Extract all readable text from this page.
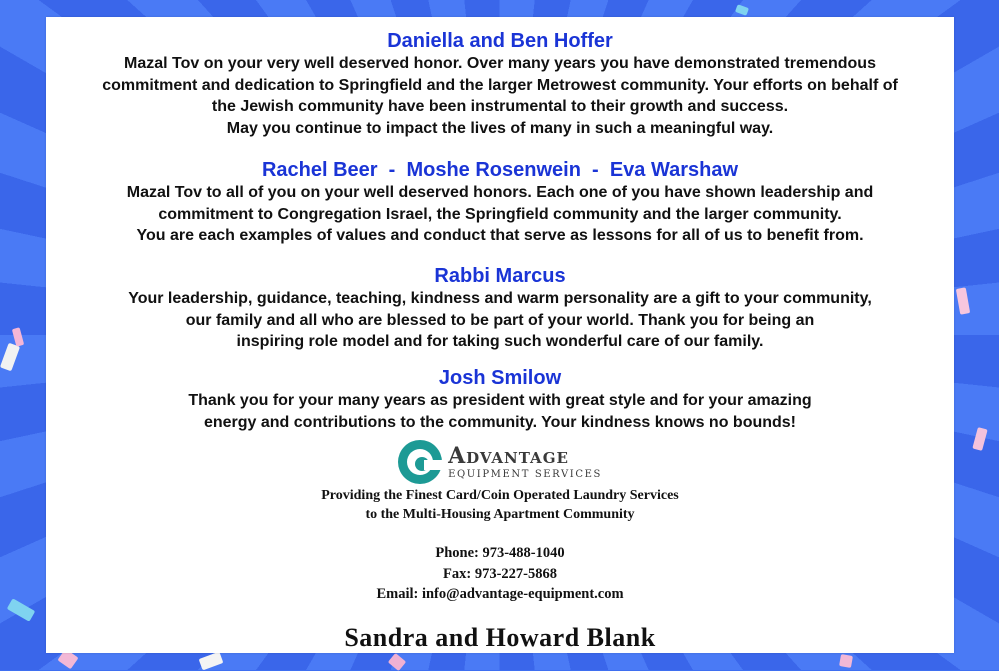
Daniella and Ben Hoffer

Mazal Tov on your very well deserved honor. Over many years you have demonstrated tremendous
commitment and dedication to Springfield and the larger Metrowest community. Your efforts on behalf of
the Jewish community have been instrumental to their growth and success.
May you continue to impact the lives of many in such a meaningful way.

Rachel Beer  -  Moshe Rosenwein  -  Eva Warshaw

Mazal Tov to all of you on your well deserved honors. Each one of you have shown leadership and
commitment to Congregation Israel, the Springfield community and the larger community.
You are each examples of values and conduct that serve as lessons for all of us to benefit from.

Rabbi Marcus

Your leadership, guidance, teaching, kindness and warm personality are a gift to your community,
our family and all who are blessed to be part of your world. Thank you for being an
inspiring role model and for taking such wonderful care of our family.

Josh Smilow

Thank you for your many years as president with great style and for your amazing
energy and contributions to the community. Your kindness knows no bounds!

Advantage
EQUIPMENT SERVICES
Providing the Finest Card/Coin Operated Laundry Services
to the Multi-Housing Apartment Community
Phone: 973-488-1040
Fax: 973-227-5868
Email: info@advantage-equipment.com
Sandra and Howard Blank
